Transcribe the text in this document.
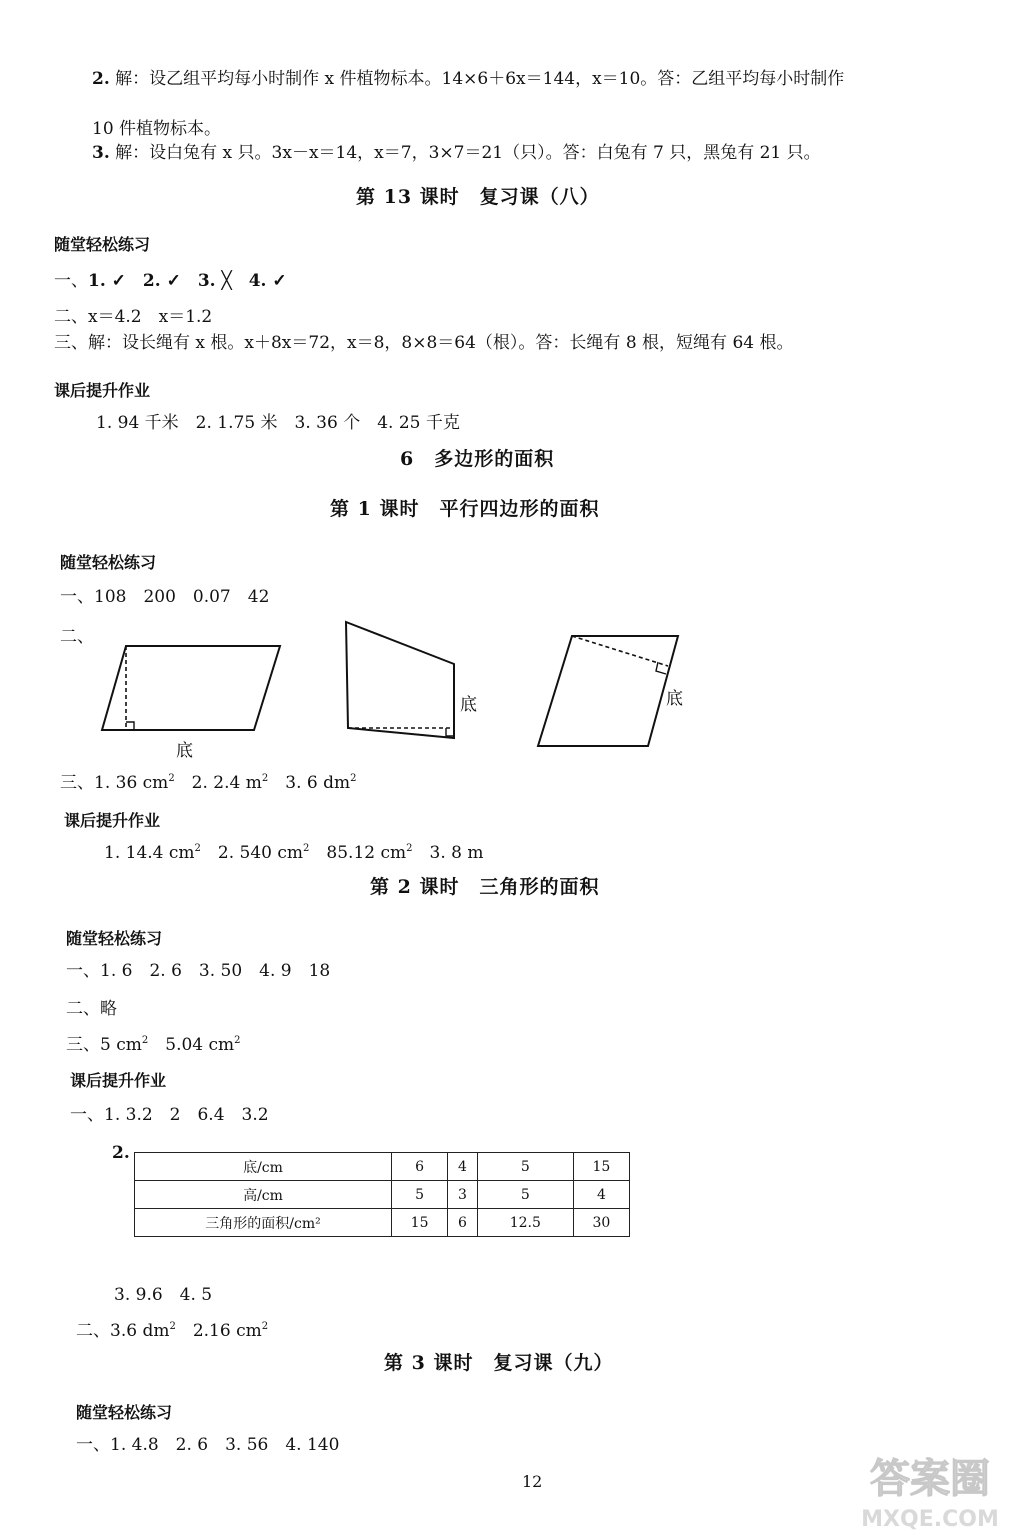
2. 解：设乙组平均每小时制作 x 件植物标本。14×6＋6x＝144，x＝10。答：乙组平均每小时制作
10 件植物标本。
3. 解：设白兔有 x 只。3x－x＝14，x＝7，3×7＝21（只）。答：白兔有 7 只，黑兔有 21 只。
第 13 课时　复习课（八）
随堂轻松练习
一、1. ✓　2. ✓　3. ╳　4. ✓
二、x＝4.2　x＝1.2
三、解：设长绳有 x 根。x＋8x＝72，x＝8，8×8＝64（根）。答：长绳有 8 根，短绳有 64 根。
课后提升作业
1. 94 千米　2. 1.75 米　3. 36 个　4. 25 千克
6　多边形的面积
第 1 课时　平行四边形的面积
随堂轻松练习
一、108　200　0.07　42
二、
底
底	底
三、1. 36 $cm^2$　2. 2.4 $m^2$　3. 6 $dm^2$
课后提升作业
1. 14.4 $cm^2$　2. 540 $cm^2$　85.12 $cm^2$　3. 8 m
第 2 课时　三角形的面积
随堂轻松练习
一、1. 6　2. 6　3. 50　4. 9　18
二、略
三、5 $cm^2$　5.04 $cm^2$
课后提升作业
一、1. 3.2　2　6.4　3.2
2.
底/cm	6	4	5	15
高/cm	5	3	5	4
三角形的面积/cm²	15	6	12.5	30
3. 9.6　4. 5
二、3.6 $dm^2$　2.16 $cm^2$
第 3 课时　复习课（九）
随堂轻松练习
一、1. 4.8　2. 6　3. 56　4. 140
12	答案圈
MXQE.COM
